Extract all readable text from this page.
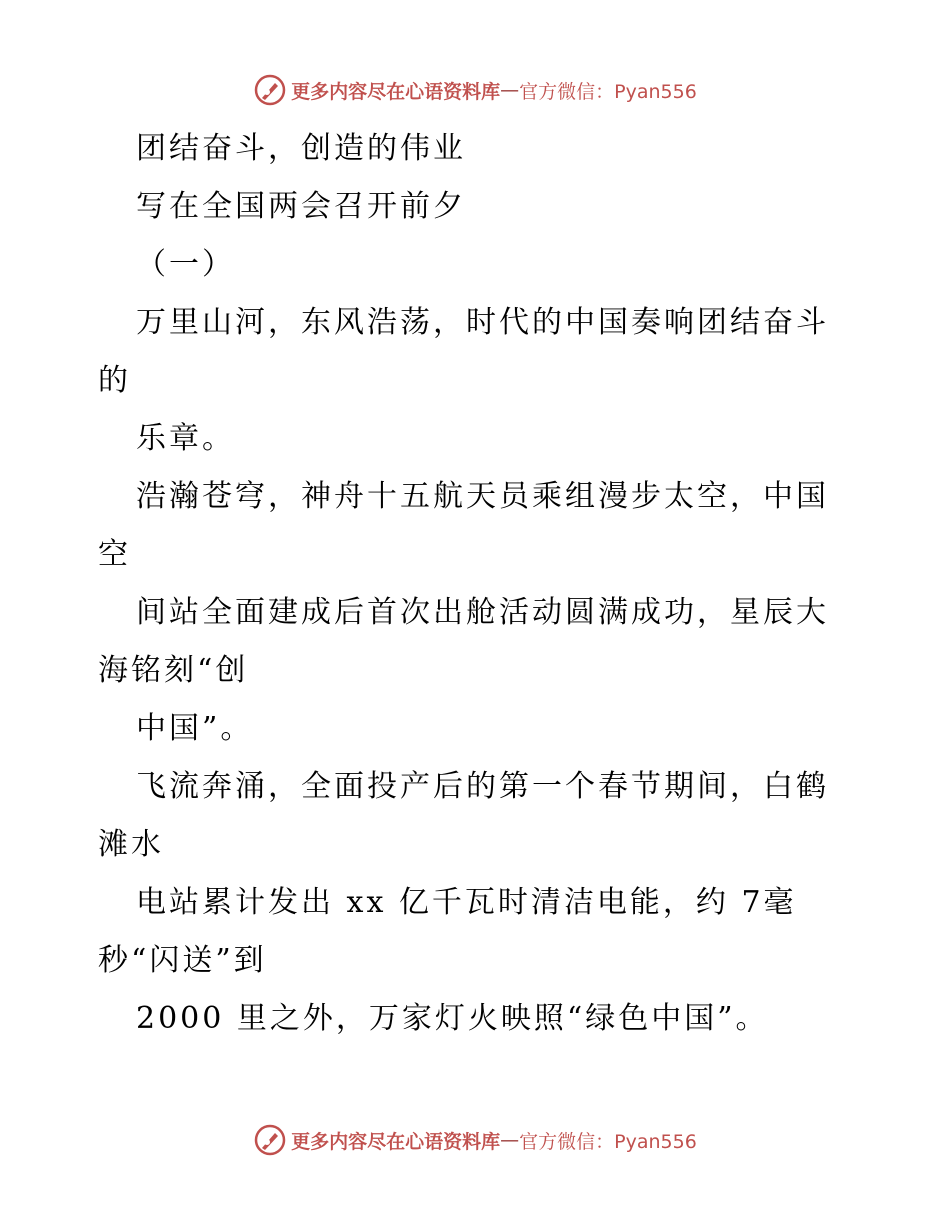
更多内容尽在心语资料库 — 官方微信：Pyan556
团结奋斗，创造的伟业
写在全国两会召开前夕
（一）
万里山河，东风浩荡，时代的中国奏响团结奋斗
的
乐章。
浩瀚苍穹，神舟十五航天员乘组漫步太空，中国
空
间站全面建成后首次出舱活动圆满成功，星辰大
海铭刻“创
中国”。
飞流奔涌，全面投产后的第一个春节期间，白鹤
滩水
电站累计发出 xx 亿千瓦时清洁电能，约 7毫
秒“闪送”到
2000 里之外，万家灯火映照“绿色中国”。
更多内容尽在心语资料库 — 官方微信：Pyan556
